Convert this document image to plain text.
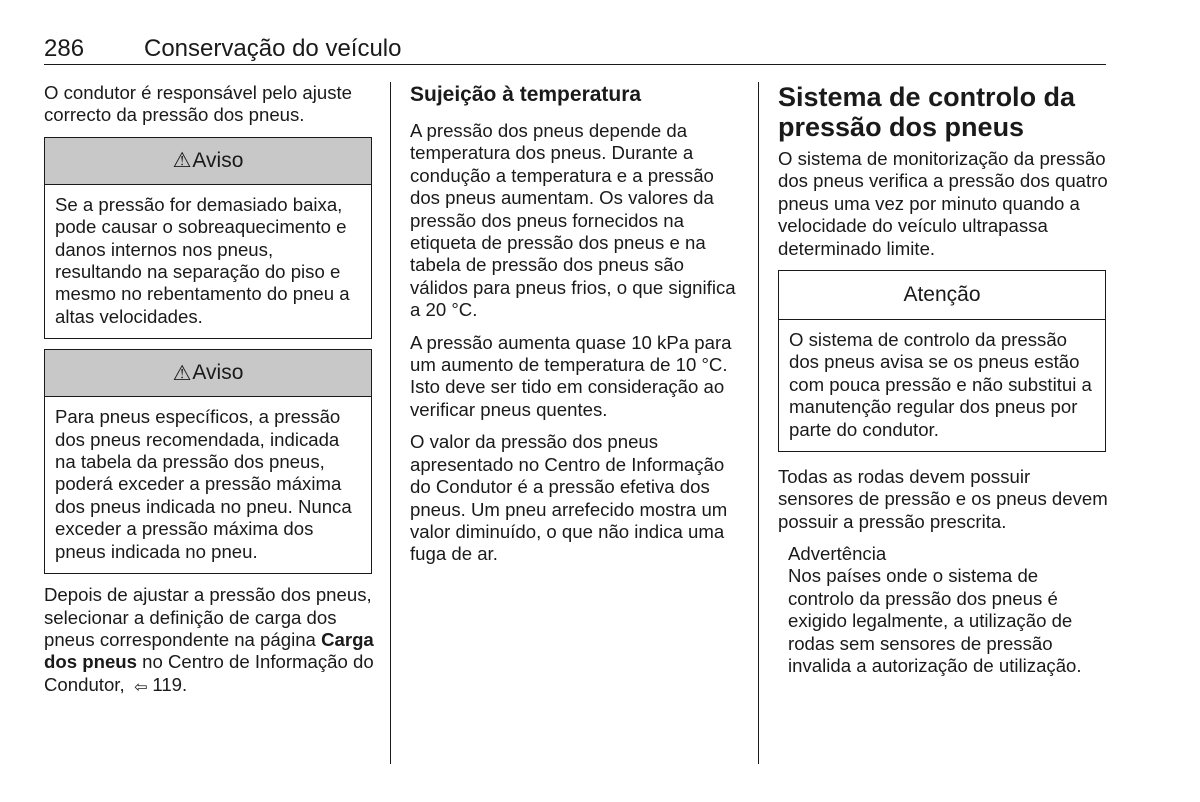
286 Conservação do veículo

O condutor é responsável pelo ajuste correcto da pressão dos pneus.

⚠ Aviso

Se a pressão for demasiado baixa, pode causar o sobreaquecimento e danos internos nos pneus, resultando na separação do piso e mesmo no rebentamento do pneu a altas velocidades.

⚠ Aviso

Para pneus específicos, a pressão dos pneus recomendada, indicada na tabela da pressão dos pneus, poderá exceder a pressão máxima dos pneus indicada no pneu. Nunca exceder a pressão máxima dos pneus indicada no pneu.

Depois de ajustar a pressão dos pneus, selecionar a definição de carga dos pneus correspondente na página Carga dos pneus no Centro de Informação do Condutor, ⇩ 119.

Sujeição à temperatura

A pressão dos pneus depende da temperatura dos pneus. Durante a condução a temperatura e a pressão dos pneus aumentam. Os valores da pressão dos pneus fornecidos na etiqueta de pressão dos pneus e na tabela de pressão dos pneus são válidos para pneus frios, o que significa a 20 °C.

A pressão aumenta quase 10 kPa para um aumento de temperatura de 10 °C. Isto deve ser tido em consideração ao verificar pneus quentes.

O valor da pressão dos pneus apresentado no Centro de Informação do Condutor é a pressão efetiva dos pneus. Um pneu arrefecido mostra um valor diminuído, o que não indica uma fuga de ar.

Sistema de controlo da pressão dos pneus

O sistema de monitorização da pressão dos pneus verifica a pressão dos quatro pneus uma vez por minuto quando a velocidade do veículo ultrapassa determinado limite.

Atenção

O sistema de controlo da pressão dos pneus avisa se os pneus estão com pouca pressão e não substitui a manutenção regular dos pneus por parte do condutor.

Todas as rodas devem possuir sensores de pressão e os pneus devem possuir a pressão prescrita.

Advertência

Nos países onde o sistema de controlo da pressão dos pneus é exigido legalmente, a utilização de rodas sem sensores de pressão invalida a autorização de utilização.
